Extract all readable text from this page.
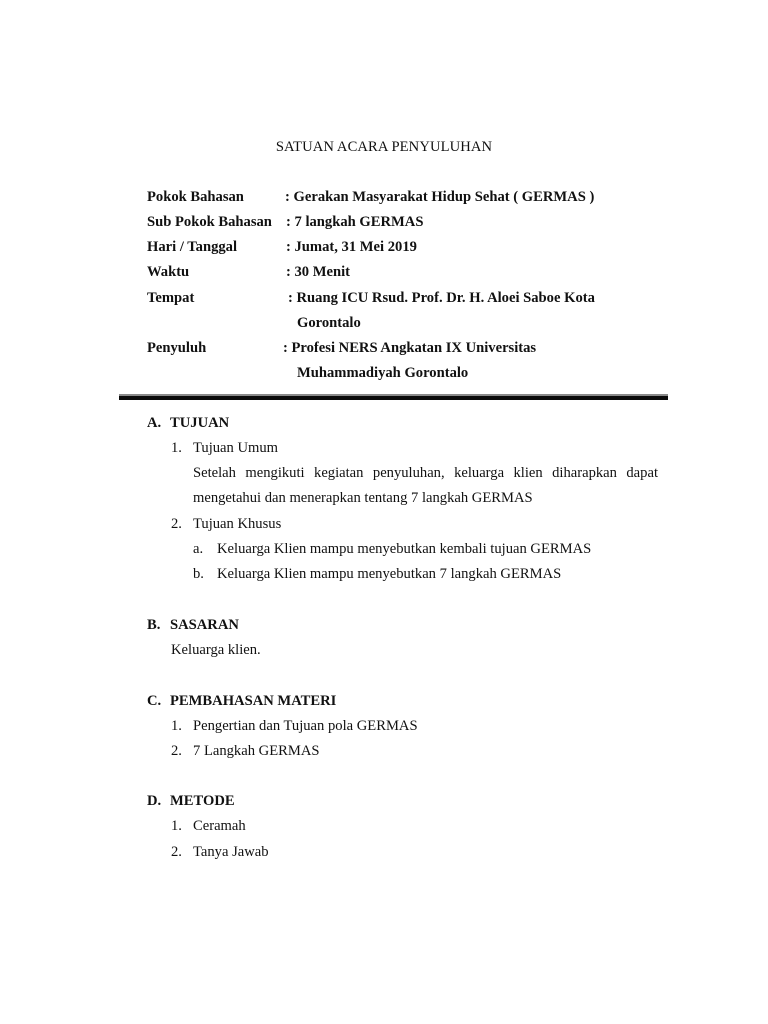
SATUAN ACARA PENYULUHAN
Pokok Bahasan	: Gerakan Masyarakat Hidup Sehat ( GERMAS )
Sub Pokok Bahasan : 7 langkah GERMAS
Hari / Tanggal	: Jumat, 31 Mei 2019
Waktu	: 30 Menit
Tempat	: Ruang ICU Rsud. Prof. Dr. H. Aloei Saboe Kota
Gorontalo
Penyuluh	: Profesi NERS Angkatan IX Universitas
Muhammadiyah Gorontalo
A. TUJUAN
1. Tujuan Umum
Setelah mengikuti kegiatan penyuluhan, keluarga klien diharapkan dapat
mengetahui dan menerapkan tentang 7 langkah GERMAS
2. Tujuan Khusus
a. Keluarga Klien mampu menyebutkan kembali tujuan GERMAS
b. Keluarga Klien mampu menyebutkan 7 langkah GERMAS
B. SASARAN
Keluarga klien.
C. PEMBAHASAN MATERI
1. Pengertian dan Tujuan pola GERMAS
2. 7 Langkah GERMAS
D. METODE
1. Ceramah
2. Tanya Jawab
